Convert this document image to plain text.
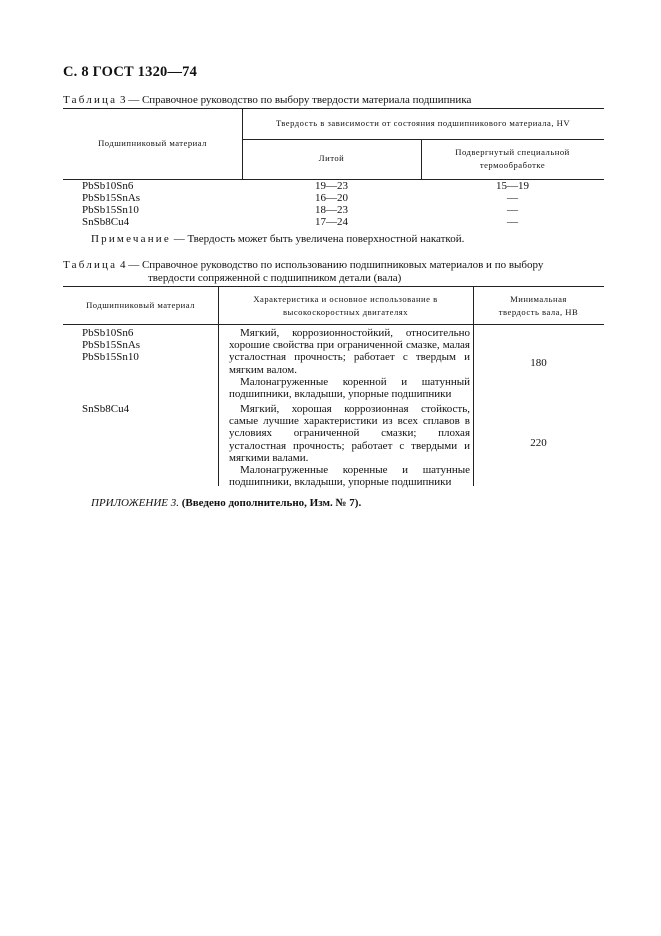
С. 8 ГОСТ 1320—74
Таблица 3 — Справочное руководство по выбору твердости материала подшипника
Подшипниковый материал
Твердость в зависимости от состояния подшипникового материала, HV
Литой
Подвергнутый специальной
термообработке
PbSb10Sn6
PbSb15SnAs
PbSb15Sn10
SnSb8Cu4
19—23
16—20
18—23
17—24
15—19
—
—
—
Примечание — Твердость может быть увеличена поверхностной накаткой.
Таблица 4 — Справочное руководство по использованию подшипниковых материалов и по выбору
твердости сопряженной с подшипником детали (вала)
Подшипниковый материал
Характеристика и основное использование в
высокоскоростных двигателях
Минимальная
твердость вала, НВ
PbSb10Sn6
PbSb15SnAs
PbSb15Sn10

Мягкий, коррозионностойкий, относительно хорошие свойства при ограниченной смазке, малая усталостная прочность; работает с твердым и мягким валом.

Малонагруженные коренной и шатунный подшипники, вкладыши, упорные подшипники

180
SnSb8Cu4	Мягкий, хорошая коррозионная стойкость, самые лучшие характеристики из всех сплавов в условиях ограниченной смазки; плохая усталостная прочность; работает с твердыми и мягкими валами.

Малонагруженные коренные и шатунные подшипники, вкладыши, упорные подшипники

220
ПРИЛОЖЕНИЕ 3. (Введено дополнительно, Изм. № 7).
